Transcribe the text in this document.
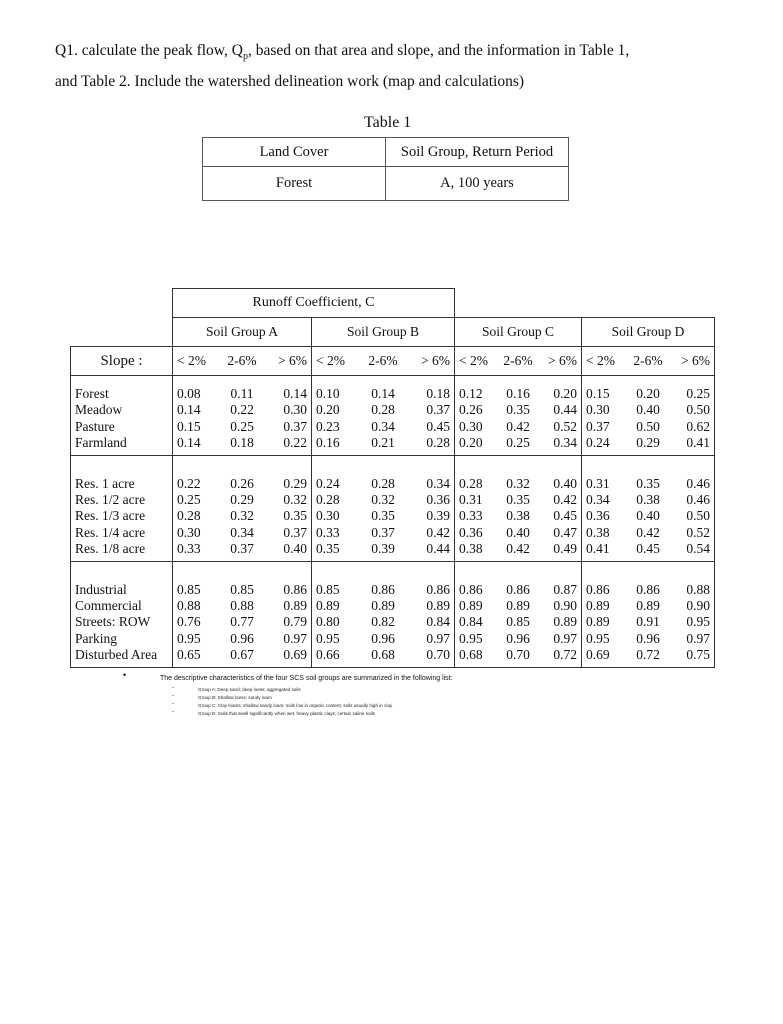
Q1. calculate the peak flow, $Q_p$, based on that area and slope, and the information in Table 1,
and Table 2. Include the watershed delineation work (map and calculations)
Table 1
Land Cover	Soil Group, Return Period
Forest	A, 100 years
	Runoff Coefficient, C			
	Soil Group A	Soil Group B	Soil Group C	Soil Group D
Slope :	< 2% 2-6% > 6%	< 2% 2-6% > 6%	< 2% 2-6% > 6%	< 2% 2-6% > 6%

Forest	0.08 0.11 0.14	0.10 0.14 0.18	0.12 0.16 0.20	0.15 0.20 0.25

Meadow	0.14 0.22 0.30	0.20 0.28 0.37	0.26 0.35 0.44	0.30 0.40 0.50

Pasture	0.15 0.25 0.37	0.23 0.34 0.45	0.30 0.42 0.52	0.37 0.50 0.62

Farmland	0.14 0.18 0.22	0.16 0.21 0.28	0.20 0.25 0.34	0.24 0.29 0.41

Res. 1 acre	0.22 0.26 0.29	0.24 0.28 0.34	0.28 0.32 0.40	0.31 0.35 0.46

Res. 1/2 acre	0.25 0.29 0.32	0.28 0.32 0.36	0.31 0.35 0.42	0.34 0.38 0.46

Res. 1/3 acre	0.28 0.32 0.35	0.30 0.35 0.39	0.33 0.38 0.45	0.36 0.40 0.50

Res. 1/4 acre	0.30 0.34 0.37	0.33 0.37 0.42	0.36 0.40 0.47	0.38 0.42 0.52

Res. 1/8 acre	0.33 0.37 0.40	0.35 0.39 0.44	0.38 0.42 0.49	0.41 0.45 0.54

Industrial	0.85 0.85 0.86	0.85 0.86 0.86	0.86 0.86 0.87	0.86 0.86 0.88

Commercial	0.88 0.88 0.89	0.89 0.89 0.89	0.89 0.89 0.90	0.89 0.89 0.90

Streets: ROW	0.76 0.77 0.79	0.80 0.82 0.84	0.84 0.85 0.89	0.89 0.91 0.95

Parking	0.95 0.96 0.97	0.95 0.96 0.97	0.95 0.96 0.97	0.95 0.96 0.97

Disturbed Area	0.65 0.67 0.69	0.66 0.68 0.70	0.68 0.70 0.72	0.69 0.72 0.75
•	The descriptive characteristics of the four SCS soil groups are summarized in the following list:
-	Group A: Deep sand; deep loess; aggregated soils
-	Group B: Shallow loess; sandy loam
-	Group C: Clay loams; shallow sandy loam; soils low in organic content; soils usually high in clay
-	Group D: Soils that swell significantly when wet; heavy plastic clays; certain saline soils
